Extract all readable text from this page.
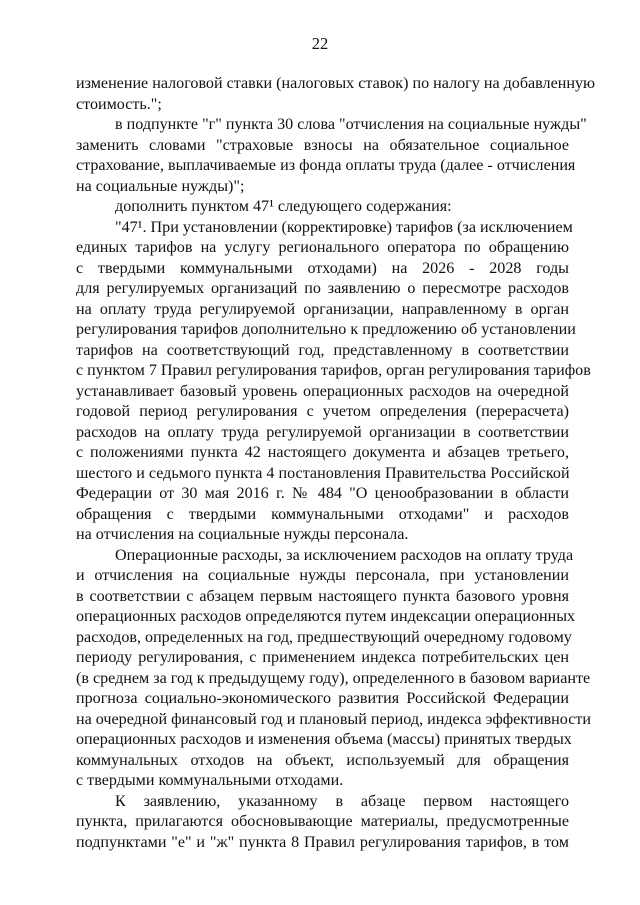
22
изменение налоговой ставки (налоговых ставок) по налогу на добавленную
стоимость.";
в подпункте "г" пункта 30 слова "отчисления на социальные нужды"
заменить словами "страховые взносы на обязательное социальное
страхование, выплачиваемые из фонда оплаты труда (далее - отчисления
на социальные нужды)";
дополнить пунктом 47¹ следующего содержания:
"47¹. При установлении (корректировке) тарифов (за исключением
единых тарифов на услугу регионального оператора по обращению
с твердыми коммунальными отходами) на 2026 - 2028 годы
для регулируемых организаций по заявлению о пересмотре расходов
на оплату труда регулируемой организации, направленному в орган
регулирования тарифов дополнительно к предложению об установлении
тарифов на соответствующий год, представленному в соответствии
с пунктом 7 Правил регулирования тарифов, орган регулирования тарифов
устанавливает базовый уровень операционных расходов на очередной
годовой период регулирования с учетом определения (перерасчета)
расходов на оплату труда регулируемой организации в соответствии
с положениями пункта 42 настоящего документа и абзацев третьего,
шестого и седьмого пункта 4 постановления Правительства Российской
Федерации от 30 мая 2016 г. № 484 "О ценообразовании в области
обращения с твердыми коммунальными отходами" и расходов
на отчисления на социальные нужды персонала.
Операционные расходы, за исключением расходов на оплату труда
и отчисления на социальные нужды персонала, при установлении
в соответствии с абзацем первым настоящего пункта базового уровня
операционных расходов определяются путем индексации операционных
расходов, определенных на год, предшествующий очередному годовому
периоду регулирования, с применением индекса потребительских цен
(в среднем за год к предыдущему году), определенного в базовом варианте
прогноза социально-экономического развития Российской Федерации
на очередной финансовый год и плановый период, индекса эффективности
операционных расходов и изменения объема (массы) принятых твердых
коммунальных отходов на объект, используемый для обращения
с твердыми коммунальными отходами.
К заявлению, указанному в абзаце первом настоящего
пункта, прилагаются обосновывающие материалы, предусмотренные
подпунктами "е" и "ж" пункта 8 Правил регулирования тарифов, в том
